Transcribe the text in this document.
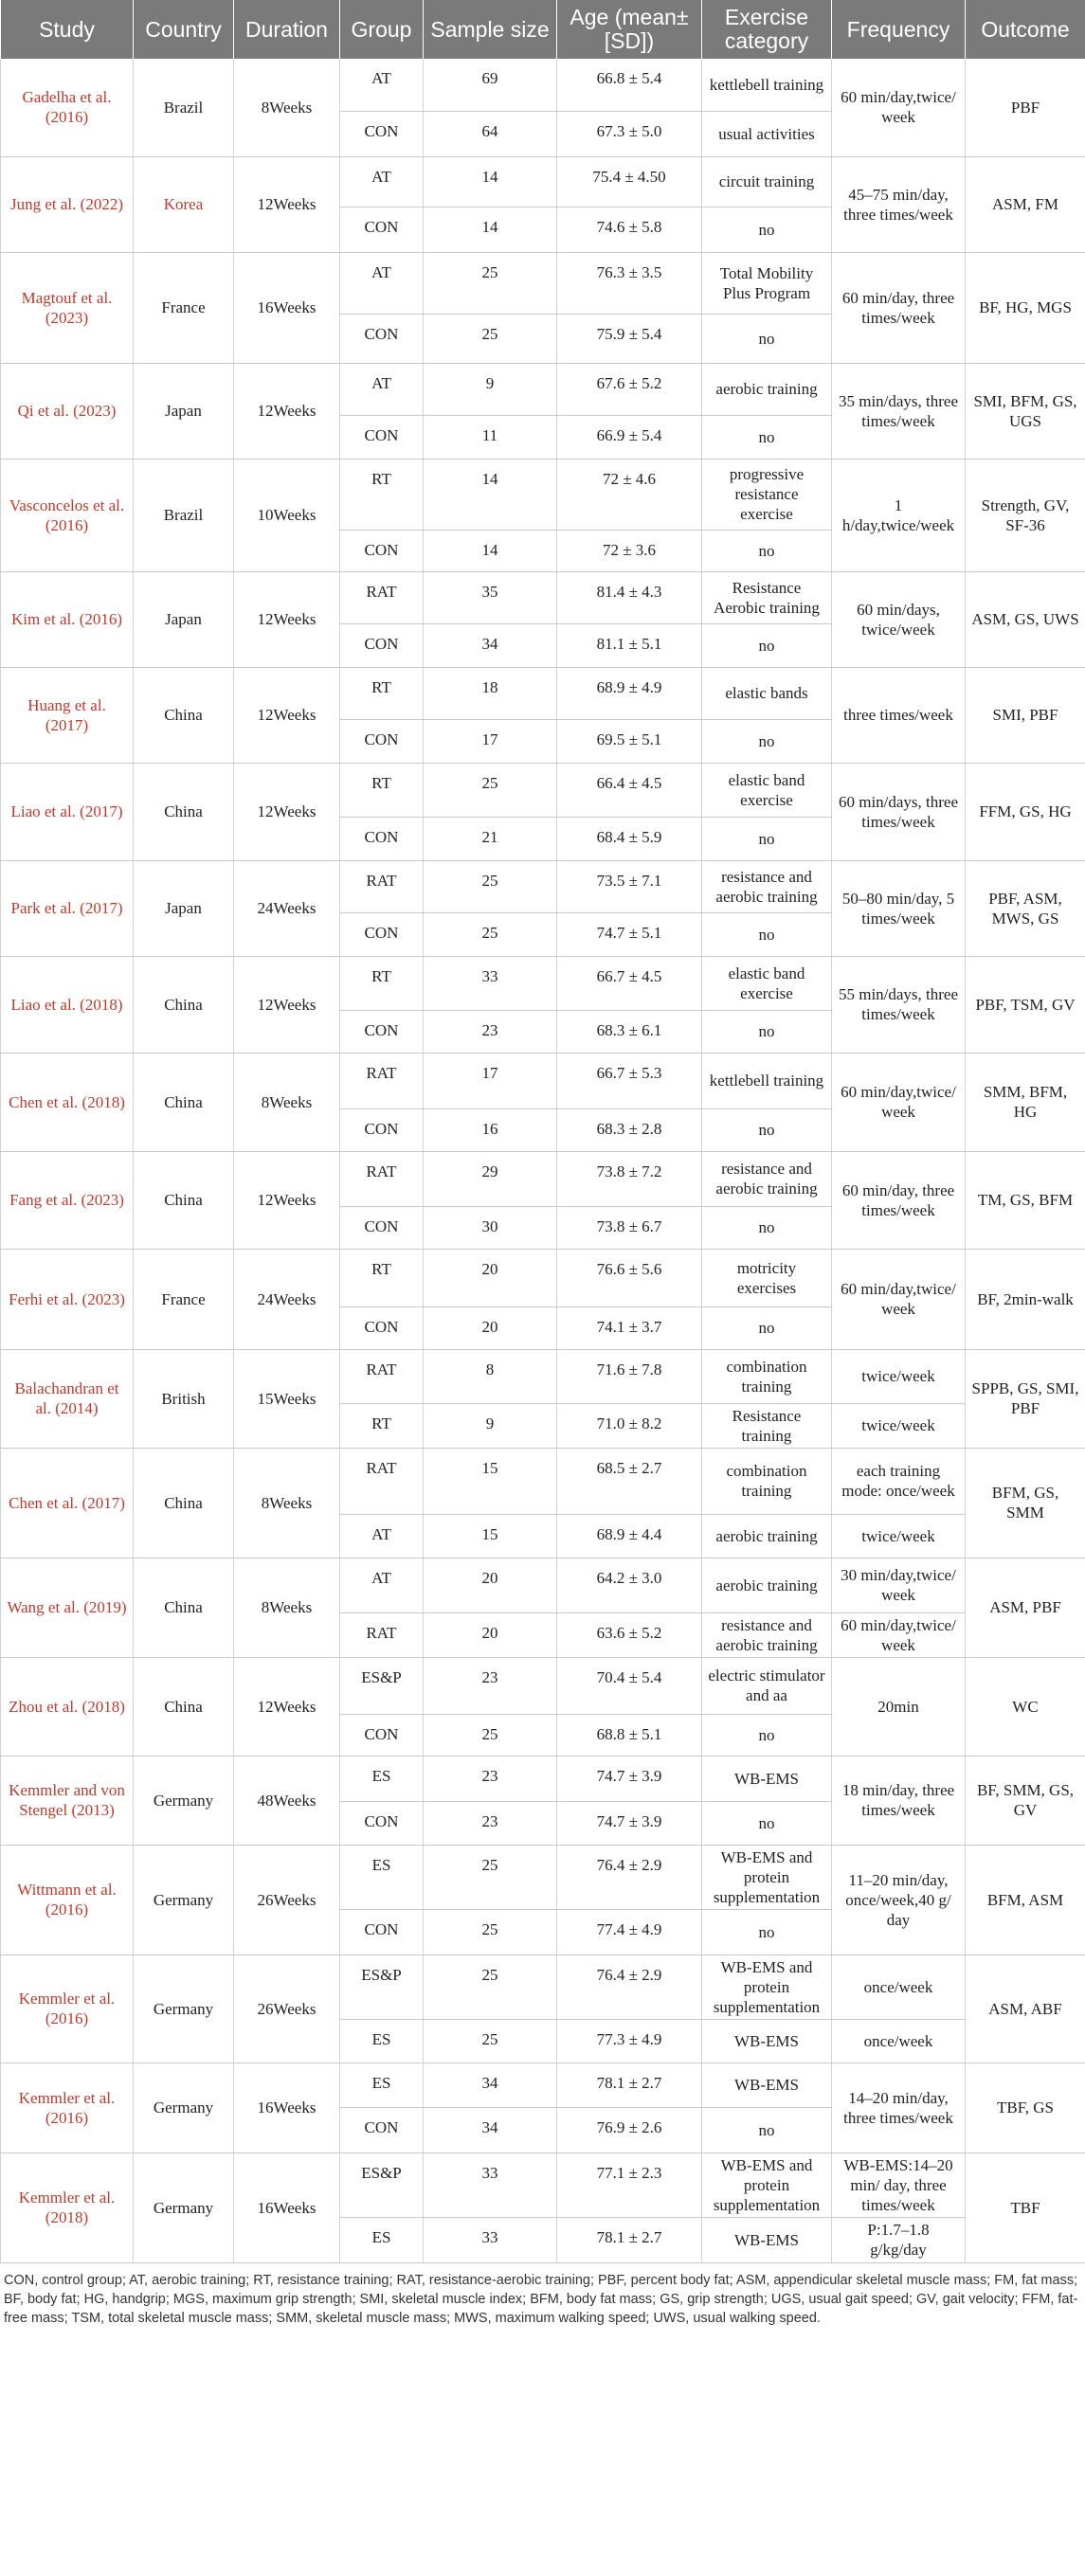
Study	Country	Duration	Group	Sample size	Age (mean±[SD])	Exercise category	Frequency	Outcome
Gadelha et al. (2016)	Brazil	8Weeks	AT	69	66.8 ± 5.4	kettlebell training	60 min/day,twice/ week	PBF
			CON	64	67.3 ± 5.0	usual activities		
Jung et al. (2022)	Korea	12Weeks	AT	14	75.4 ± 4.50	circuit training	45–75 min/day, three times/week	ASM, FM
			CON	14	74.6 ± 5.8	no		
Magtouf et al. (2023)	France	16Weeks	AT	25	76.3 ± 3.5	Total Mobility Plus Program	60 min/day, three times/week	BF, HG, MGS
			CON	25	75.9 ± 5.4	no		
Qi et al. (2023)	Japan	12Weeks	AT	9	67.6 ± 5.2	aerobic training	35 min/days, three times/week	SMI, BFM, GS, UGS
			CON	11	66.9 ± 5.4	no		
Vasconcelos et al. (2016)	Brazil	10Weeks	RT	14	72 ± 4.6	progressive resistance exercise	1 h/day,twice/week	Strength, GV, SF-36
			CON	14	72 ± 3.6	no		
Kim et al. (2016)	Japan	12Weeks	RAT	35	81.4 ± 4.3	Resistance Aerobic training	60 min/days, twice/week	ASM, GS, UWS
			CON	34	81.1 ± 5.1	no		
Huang et al. (2017)	China	12Weeks	RT	18	68.9 ± 4.9	elastic bands	three times/week	SMI, PBF
			CON	17	69.5 ± 5.1	no		
Liao et al. (2017)	China	12Weeks	RT	25	66.4 ± 4.5	elastic band exercise	60 min/days, three times/week	FFM, GS, HG
			CON	21	68.4 ± 5.9	no		
Park et al. (2017)	Japan	24Weeks	RAT	25	73.5 ± 7.1	resistance and aerobic training	50–80 min/day, 5 times/week	PBF, ASM, MWS, GS
			CON	25	74.7 ± 5.1	no		
Liao et al. (2018)	China	12Weeks	RT	33	66.7 ± 4.5	elastic band exercise	55 min/days, three times/week	PBF, TSM, GV
			CON	23	68.3 ± 6.1	no		
Chen et al. (2018)	China	8Weeks	RAT	17	66.7 ± 5.3	kettlebell training	60 min/day,twice/ week	SMM, BFM, HG
			CON	16	68.3 ± 2.8	no		
Fang et al. (2023)	China	12Weeks	RAT	29	73.8 ± 7.2	resistance and aerobic training	60 min/day, three times/week	TM, GS, BFM
			CON	30	73.8 ± 6.7	no		
Ferhi et al. (2023)	France	24Weeks	RT	20	76.6 ± 5.6	motricity exercises	60 min/day,twice/ week	BF, 2min-walk
			CON	20	74.1 ± 3.7	no		
Balachandran et al. (2014)	British	15Weeks	RAT	8	71.6 ± 7.8	combination training	twice/week	SPPB, GS, SMI, PBF
			RT	9	71.0 ± 8.2	Resistance training	twice/week	
Chen et al. (2017)	China	8Weeks	RAT	15	68.5 ± 2.7	combination training	each training mode: once/week	BFM, GS, SMM
			AT	15	68.9 ± 4.4	aerobic training	twice/week	
Wang et al. (2019)	China	8Weeks	AT	20	64.2 ± 3.0	aerobic training	30 min/day,twice/ week	ASM, PBF
			RAT	20	63.6 ± 5.2	resistance and aerobic training	60 min/day,twice/ week	
Zhou et al. (2018)	China	12Weeks	ES&P	23	70.4 ± 5.4	electric stimulator and aa	20min	WC
			CON	25	68.8 ± 5.1	no		
Kemmler and von Stengel (2013)	Germany	48Weeks	ES	23	74.7 ± 3.9	WB-EMS	18 min/day, three times/week	BF, SMM, GS, GV
			CON	23	74.7 ± 3.9	no		
Wittmann et al. (2016)	Germany	26Weeks	ES	25	76.4 ± 2.9	WB-EMS and protein supplementation	11–20 min/day, once/week,40 g/ day	BFM, ASM
			CON	25	77.4 ± 4.9	no		
Kemmler et al. (2016)	Germany	26Weeks	ES&P	25	76.4 ± 2.9	WB-EMS and protein supplementation	once/week	ASM, ABF
			ES	25	77.3 ± 4.9	WB-EMS	once/week	
Kemmler et al. (2016)	Germany	16Weeks	ES	34	78.1 ± 2.7	WB-EMS	14–20 min/day, three times/week	TBF, GS
			CON	34	76.9 ± 2.6	no		
Kemmler et al. (2018)	Germany	16Weeks	ES&P	33	77.1 ± 2.3	WB-EMS and protein supplementation	WB-EMS:14–20 min/ day, three times/week	TBF
			ES	33	78.1 ± 2.7	WB-EMS	P:1.7–1.8 g/kg/day	
CON, control group; AT, aerobic training; RT, resistance training; RAT, resistance-aerobic training; PBF, percent body fat; ASM, appendicular skeletal muscle mass; FM, fat mass; BF, body fat; HG, handgrip; MGS, maximum grip strength; SMI, skeletal muscle index; BFM, body fat mass; GS, grip strength; UGS, usual gait speed; GV, gait velocity; FFM, fat-free mass; TSM, total skeletal muscle mass; SMM, skeletal muscle mass; MWS, maximum walking speed; UWS, usual walking speed.
